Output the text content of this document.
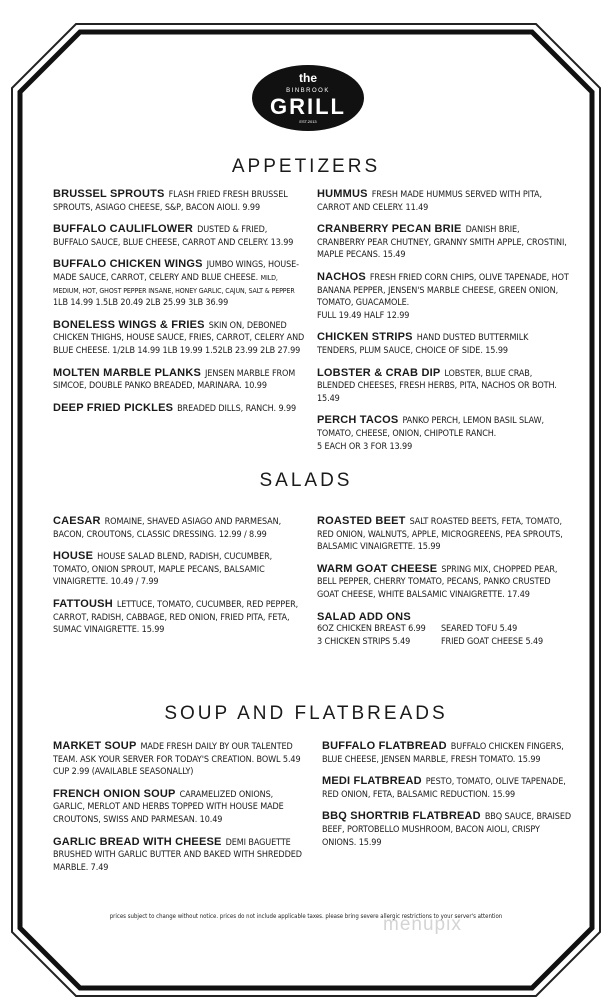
the
BINBROOK
GRILL
EST.2013
APPETIZERS
BRUSSEL SPROUTS FLASH FRIED FRESH BRUSSEL SPROUTS, ASIAGO CHEESE, S&P, BACON AIOLI. 9.99
BUFFALO CAULIFLOWER DUSTED & FRIED, BUFFALO SAUCE, BLUE CHEESE, CARROT AND CELERY. 13.99
BUFFALO CHICKEN WINGS JUMBO WINGS, HOUSE-MADE SAUCE, CARROT, CELERY AND BLUE CHEESE. MILD, MEDIUM, HOT, GHOST PEPPER INSANE, HONEY GARLIC, CAJUN, SALT & PEPPER
1LB 14.99 1.5LB 20.49 2LB 25.99 3LB 36.99
BONELESS WINGS & FRIES SKIN ON, DEBONED CHICKEN THIGHS, HOUSE SAUCE, FRIES, CARROT, CELERY AND BLUE CHEESE. 1/2LB 14.99 1LB 19.99 1.52LB 23.99 2LB 27.99
MOLTEN MARBLE PLANKS JENSEN MARBLE FROM SIMCOE, DOUBLE PANKO BREADED, MARINARA. 10.99
DEEP FRIED PICKLES BREADED DILLS, RANCH. 9.99
HUMMUS FRESH MADE HUMMUS SERVED WITH PITA, CARROT AND CELERY. 11.49
CRANBERRY PECAN BRIE DANISH BRIE, CRANBERRY PEAR CHUTNEY, GRANNY SMITH APPLE, CROSTINI, MAPLE PECANS. 15.49
NACHOS FRESH FRIED CORN CHIPS, OLIVE TAPENADE, HOT BANANA PEPPER, JENSEN'S MARBLE CHEESE, GREEN ONION, TOMATO, GUACAMOLE.
FULL 19.49 HALF 12.99
CHICKEN STRIPS HAND DUSTED BUTTERMILK TENDERS, PLUM SAUCE, CHOICE OF SIDE. 15.99
LOBSTER & CRAB DIP LOBSTER, BLUE CRAB, BLENDED CHEESES, FRESH HERBS, PITA, NACHOS OR BOTH. 15.49
PERCH TACOS PANKO PERCH, LEMON BASIL SLAW, TOMATO, CHEESE, ONION, CHIPOTLE RANCH.
5 EACH OR 3 FOR 13.99
SALADS
CAESAR ROMAINE, SHAVED ASIAGO AND PARMESAN, BACON, CROUTONS, CLASSIC DRESSING. 12.99 / 8.99
HOUSE HOUSE SALAD BLEND, RADISH, CUCUMBER, TOMATO, ONION SPROUT, MAPLE PECANS, BALSAMIC VINAIGRETTE. 10.49 / 7.99
FATTOUSH LETTUCE, TOMATO, CUCUMBER, RED PEPPER, CARROT, RADISH, CABBAGE, RED ONION, FRIED PITA, FETA, SUMAC VINAIGRETTE. 15.99
ROASTED BEET SALT ROASTED BEETS, FETA, TOMATO, RED ONION, WALNUTS, APPLE, MICROGREENS, PEA SPROUTS, BALSAMIC VINAIGRETTE. 15.99
WARM GOAT CHEESE SPRING MIX, CHOPPED PEAR, BELL PEPPER, CHERRY TOMATO, PECANS, PANKO CRUSTED GOAT CHEESE, WHITE BALSAMIC VINAIGRETTE. 17.49
SALAD ADD ONS
6OZ CHICKEN BREAST 6.99	SEARED TOFU 5.49
3 CHICKEN STRIPS 5.49	FRIED GOAT CHEESE 5.49
SOUP AND FLATBREADS
MARKET SOUP MADE FRESH DAILY BY OUR TALENTED TEAM. ASK YOUR SERVER FOR TODAY'S CREATION. BOWL 5.49 CUP 2.99 (AVAILABLE SEASONALLY)
FRENCH ONION SOUP CARAMELIZED ONIONS, GARLIC, MERLOT AND HERBS TOPPED WITH HOUSE MADE CROUTONS, SWISS AND PARMESAN. 10.49
GARLIC BREAD WITH CHEESE DEMI BAGUETTE BRUSHED WITH GARLIC BUTTER AND BAKED WITH SHREDDED MARBLE. 7.49
BUFFALO FLATBREAD BUFFALO CHICKEN FINGERS, BLUE CHEESE, JENSEN MARBLE, FRESH TOMATO. 15.99
MEDI FLATBREAD PESTO, TOMATO, OLIVE TAPENADE, RED ONION, FETA, BALSAMIC REDUCTION. 15.99
BBQ SHORTRIB FLATBREAD BBQ SAUCE, BRAISED BEEF, PORTOBELLO MUSHROOM, BACON AIOLI, CRISPY ONIONS. 15.99
prices subject to change without notice. prices do not include applicable taxes. please bring severe allergic restrictions to your server's attention
menupix
